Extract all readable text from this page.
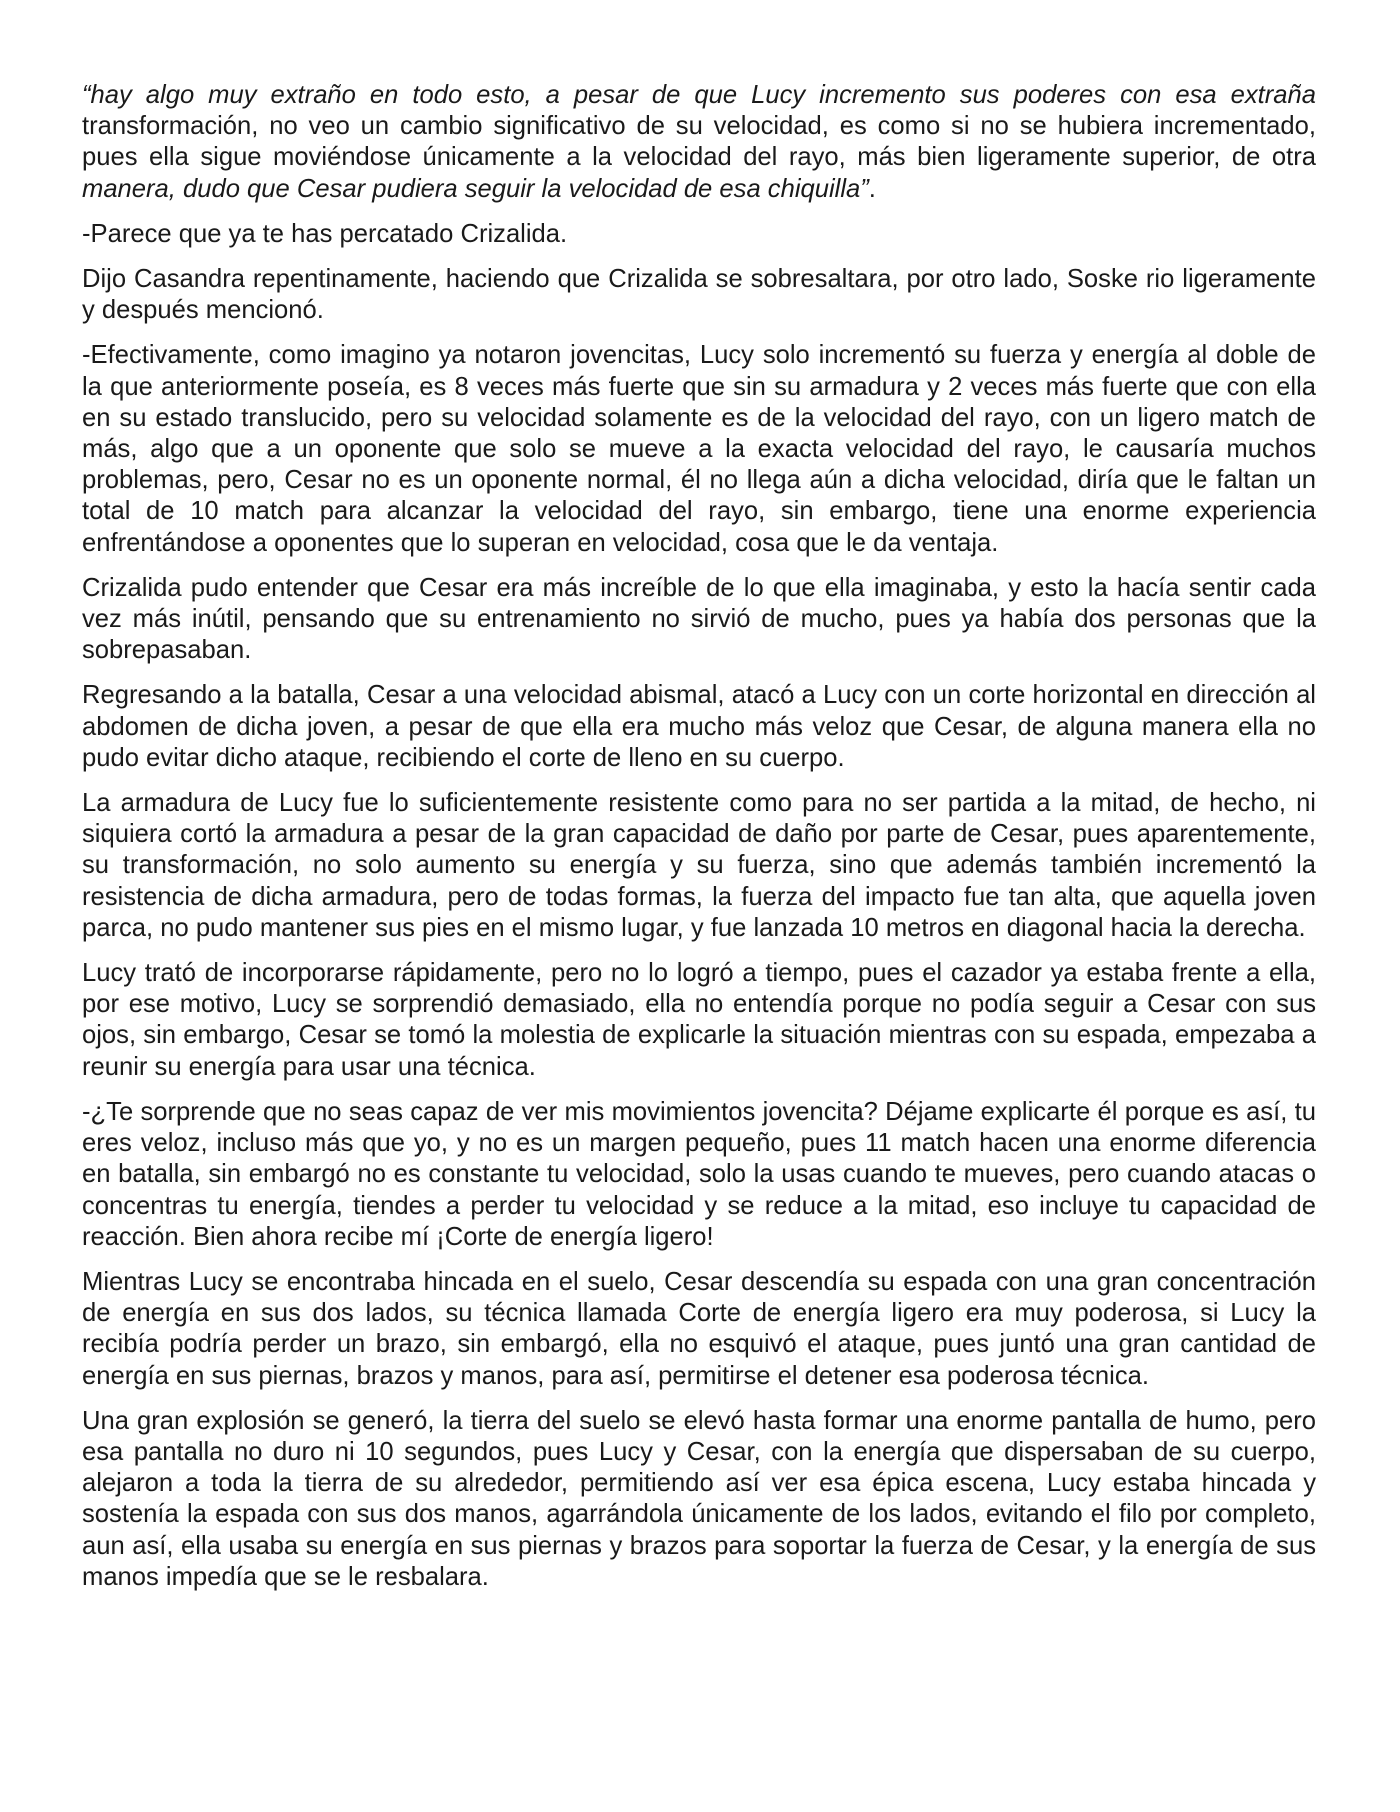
“hay algo muy extraño en todo esto, a pesar de que Lucy incremento sus poderes con esa extraña transformación, no veo un cambio significativo de su velocidad, es como si no se hubiera incrementado, pues ella sigue moviéndose únicamente a la velocidad del rayo, más bien ligeramente superior, de otra manera, dudo que Cesar pudiera seguir la velocidad de esa chiquilla”.

-Parece que ya te has percatado Crizalida.

Dijo Casandra repentinamente, haciendo que Crizalida se sobresaltara, por otro lado, Soske rio ligeramente y después mencionó.

-Efectivamente, como imagino ya notaron jovencitas, Lucy solo incrementó su fuerza y energía al doble de la que anteriormente poseía, es 8 veces más fuerte que sin su armadura y 2 veces más fuerte que con ella en su estado translucido, pero su velocidad solamente es de la velocidad del rayo, con un ligero match de más, algo que a un oponente que solo se mueve a la exacta velocidad del rayo, le causaría muchos problemas, pero, Cesar no es un oponente normal, él no llega aún a dicha velocidad, diría que le faltan un total de 10 match para alcanzar la velocidad del rayo, sin embargo, tiene una enorme experiencia enfrentándose a oponentes que lo superan en velocidad, cosa que le da ventaja.

Crizalida pudo entender que Cesar era más increíble de lo que ella imaginaba, y esto la hacía sentir cada vez más inútil, pensando que su entrenamiento no sirvió de mucho, pues ya había dos personas que la sobrepasaban.

Regresando a la batalla, Cesar a una velocidad abismal, atacó a Lucy con un corte horizontal en dirección al abdomen de dicha joven, a pesar de que ella era mucho más veloz que Cesar, de alguna manera ella no pudo evitar dicho ataque, recibiendo el corte de lleno en su cuerpo.

La armadura de Lucy fue lo suficientemente resistente como para no ser partida a la mitad, de hecho, ni siquiera cortó la armadura a pesar de la gran capacidad de daño por parte de Cesar, pues aparentemente, su transformación, no solo aumento su energía y su fuerza, sino que además también incrementó la resistencia de dicha armadura, pero de todas formas, la fuerza del impacto fue tan alta, que aquella joven parca, no pudo mantener sus pies en el mismo lugar, y fue lanzada 10 metros en diagonal hacia la derecha.

Lucy trató de incorporarse rápidamente, pero no lo logró a tiempo, pues el cazador ya estaba frente a ella, por ese motivo, Lucy se sorprendió demasiado, ella no entendía porque no podía seguir a Cesar con sus ojos, sin embargo, Cesar se tomó la molestia de explicarle la situación mientras con su espada, empezaba a reunir su energía para usar una técnica.

-¿Te sorprende que no seas capaz de ver mis movimientos jovencita? Déjame explicarte él porque es así, tu eres veloz, incluso más que yo, y no es un margen pequeño, pues 11 match hacen una enorme diferencia en batalla, sin embargó no es constante tu velocidad, solo la usas cuando te mueves, pero cuando atacas o concentras tu energía, tiendes a perder tu velocidad y se reduce a la mitad, eso incluye tu capacidad de reacción. Bien ahora recibe mí ¡Corte de energía ligero!

Mientras Lucy se encontraba hincada en el suelo, Cesar descendía su espada con una gran concentración de energía en sus dos lados, su técnica llamada Corte de energía ligero era muy poderosa, si Lucy la recibía podría perder un brazo, sin embargó, ella no esquivó el ataque, pues juntó una gran cantidad de energía en sus piernas, brazos y manos, para así, permitirse el detener esa poderosa técnica.

Una gran explosión se generó, la tierra del suelo se elevó hasta formar una enorme pantalla de humo, pero esa pantalla no duro ni 10 segundos, pues Lucy y Cesar, con la energía que dispersaban de su cuerpo, alejaron a toda la tierra de su alrededor, permitiendo así ver esa épica escena, Lucy estaba hincada y sostenía la espada con sus dos manos, agarrándola únicamente de los lados, evitando el filo por completo, aun así, ella usaba su energía en sus piernas y brazos para soportar la fuerza de Cesar, y la energía de sus manos impedía que se le resbalara.
